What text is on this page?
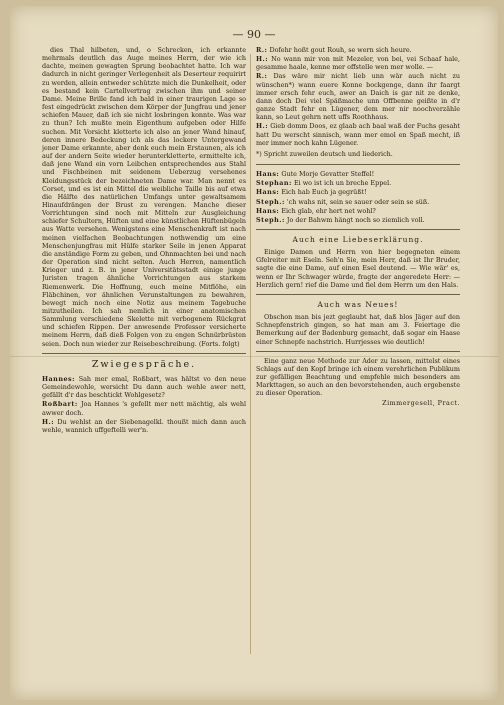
— 90 —

dies Thal hilbeten, und, o Schrecken, ich erkannte mehrmals deutlich das Auge meines Herrn, der wie ich dachte, meinen gewagten Sprung beobachtet hatte. Ich war dadurch in nicht geringer Verlegenheit als Deserteur requirirt zu werden, allein entweder schützte mich die Dunkelheit, oder es bestand kein Cartellvertrag zwischen ihm und seiner Dame. Meine Brille fand ich bald in einer traurigen Lage so fest eingedrückt zwischen dem Körper der Jungfrau und jener schiefen Mauer, daß ich sie nicht losbringen konnte. Was war zu thun? Ich mußte mein Eigenthum aufgeben oder Hilfe suchen. Mit Vorsicht kletterte ich also an jener Wand hinauf, deren innere Bedeckung ich als das lockere Untergewand jener Dame erkannte, aber denk euch mein Erstaunen, als ich auf der andern Seite wieder herunterkletterte, ermittelte ich, daß jene Wand ein vorn Leibchen entsprechendes aus Stahl und Fischbeinen mit seidenem Ueberzug versehenes Kleidungsstück der bezeichneten Dame war. Man nennt es Corset, und es ist ein Mittel die weibliche Taille bis auf etwa die Hälfte des natürlichen Umfangs unter gewaltsamem Hinaufdrängen der Brust zu verengen. Manche dieser Vorrichtungen sind noch mit Mitteln zur Ausgleichung schiefer Schultern, Hüften und eine künstlichen Hüftenbügeln aus Watte versehen. Wenigstens eine Menschenkraft ist nach meinen vielfachen Beobachtungen nothwendig um eine Menschenjungfrau mit Hülfe starker Seile in jenen Apparat die anständige Form zu geben, und Ohnmachten bei und nach der Operation sind nicht selten. Auch Herren, namentlich Krieger und z. B. in jener Universitätsstadt einige junge Juristen tragen ähnliche Vorrichtungen aus starkem Riemenwerk. Die Hoffnung, euch meine Mitflöhe, ein Fläbchinen, vor ähnlichen Verunstaltungen zu bewahren, bewegt mich noch eine Notiz aus meinem Tagebuche mitzutheilen. Ich sah nemlich in einer anatomischen Sammlung verschiedene Skelette mit verbogenem Rückgrat und schiefen Rippen. Der anwesende Professor versicherte meinem Herrn, daß dieß Folgen von zu engen Schnürbrüsten seien. Doch nun wieder zur Reisebeschreibung. (Forts. folgt)

Zwiegespräche.

Hannes: Sah mer emal, Roßbart, was hältst vo den neue Gemeindewohle, wersicht Du dann auch wehle awer nett, gefällt d'r das beschtickt Wohlgesetz?

Roßbart: Joa Hannes 's gefellt mer nett mächtig, als wehl awwer doch.

H.: Du wehlst an der Siebenagelkl. thoußt mich dann auch wehle, wannich uffgeftelli wer'n.

R.: Dofehr hoßt gout Rouh, se wern sich heure.

H.: No wann mir von mit Mezeler, von bei, vei Schaaf hale, gesamme haale, kenne mer offstelle wen mer wolle. —

R.: Das wäre mir nicht lieb unn wär auch nicht zu wünschen*) wann euere Konne bockgenge, dann ihr faargt immer ersch fehr euch, awer an Daich is gar nit ze denke, dann doch Dei viel Späßmache unn Offbenne geißte in d'r ganze Stadt fehr en Lügener, dem mer nir noochverzähle kann, so Leut gehrn nett uffs Roothhaus.

H.: Gieb domm Doos, ez glaab ach baal waß der Fuchs gesaht hatt Du werscht sinnisch, wann mer emol en Spaß mecht, iß mer immer noch kahn Lügener.

*) Spricht zuweilen deutsch und liederich.

Hans: Gute Morje Gevatter Steffel!

Stephan: Ei wo ist ich un breche Eppel.

Hans: Eich hab Euch ja gegrüßt!

Steph.: 'ch wahs nit, sein se sauer oder sein se süß.

Hans: Eich glab, ehr hert net wohl?

Steph.: Jo der Bahwm hängt noch so ziemlich voll.

Auch eine Liebeserklärung.

Einige Damen und Herrn von hier begegneten einem Gfelreiter mit Eseln. Seh'n Sie, mein Herr, daß ist Ihr Bruder, sagte die eine Dame, auf einen Esel deutend. — Wie wär' es, wenn er Ihr Schwager würde, fragte der angeredete Herr: — Herzlich gern! rief die Dame und fiel dem Herrn um den Hals.

Auch was Neues!

Obschon man bis jezt geglaubt hat, daß blos Jäger auf den Schnepfenstrich gingen, so hat man am 3. Feiertage die Bemerkung auf der Badenburg gemacht, daß sogar ein Haase einer Schnepfe nachstrich. Hurrjesses wie deutlich!

Eine ganz neue Methode zur Ader zu lassen, mittelst eines Schlags auf den Kopf bringe ich einem verehrlichen Publikum zur gefälligen Beachtung und empfehle mich besonders am Markttagen, so auch an den bevorstehenden, auch ergebenste zu dieser Operation.

Zimmergesell, Pract.
